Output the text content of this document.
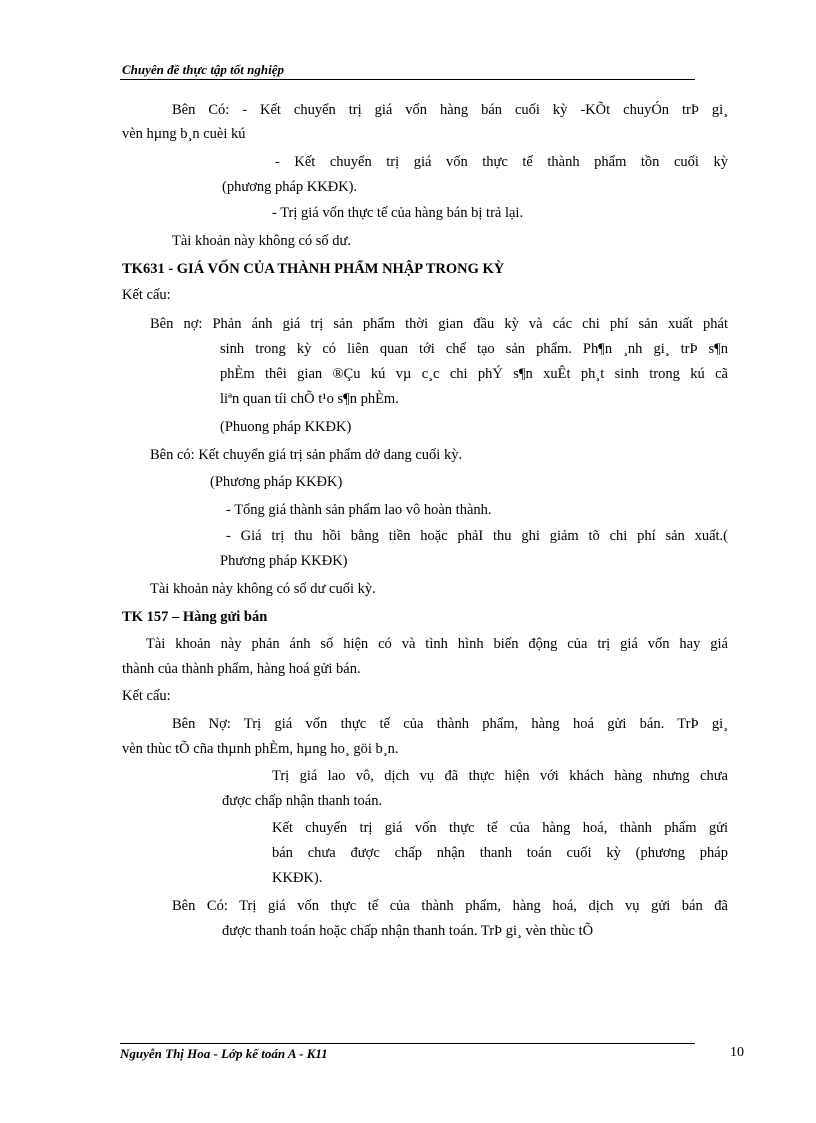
Chuyên đề thực tập tốt nghiệp
Bên Có: - Kết chuyển trị giá vốn hàng bán cuối kỳ -KÕt chuyÓn trÞ gi¸
vèn hµng b¸n cuèi kú
- Kết chuyển trị giá vốn thực tế thành phẩm tồn cuối kỳ
(phương pháp KKĐK).
- Trị giá vốn thực tế của hàng bán bị trả lại.
Tài khoản này không có số dư.
TK631 - GIÁ VỐN CỦA THÀNH PHẨM NHẬP TRONG KỲ
Kết cấu:
Bên nợ: Phản ánh giá trị sản phẩm thời gian đầu kỳ và các chi phí sản xuất phát
sinh trong kỳ có liên quan tới chế tạo sản phẩm. Ph¶n ¸nh gi¸ trÞ s¶n
phÈm thêi gian ®Çu kú vµ c¸c chi phÝ s¶n xuÊt ph¸t sinh trong kú cã
liªn quan tíi chÕ t¹o s¶n phÈm.
(Phuong pháp KKĐK)
Bên có: Kết chuyển giá trị sản phẩm dở dang cuối kỳ.
(Phương pháp KKĐK)
- Tổng giá thành sản phẩm lao vô hoàn thành.
- Giá trị thu hồi bằng tiền hoặc phảI thu ghi giảm tõ chi phí sản xuất.(
Phương pháp KKĐK)
Tài khoản này không có số dư cuối kỳ.
TK 157 – Hàng gửi bán
Tài khoản này phản ánh số hiện có và tình hình biến động của trị giá vốn hay giá
thành của thành phẩm, hàng hoá gửi bán.
Kết cấu:
Bên Nợ: Trị giá vốn thực tế của thành phẩm, hàng hoá gửi bán. TrÞ gi¸
vèn thùc tÕ cña thµnh phÈm, hµng ho¸ göi b¸n.
Trị giá lao vô, dịch vụ đã thực hiện với khách hàng nhưng chưa
được chấp nhận thanh toán.
Kết chuyển trị giá vốn thực tế của hàng hoá, thành phẩm gửi
bán chưa được chấp nhận thanh toán cuối kỳ (phương pháp
KKĐK).
Bên Có: Trị giá vốn thực tế của thành phẩm, hàng hoá, dịch vụ gửi bán đã
được thanh toán hoặc chấp nhận thanh toán. TrÞ gi¸ vèn thùc tÕ
Nguyễn Thị Hoa - Lớp kế toán A - K11	10
